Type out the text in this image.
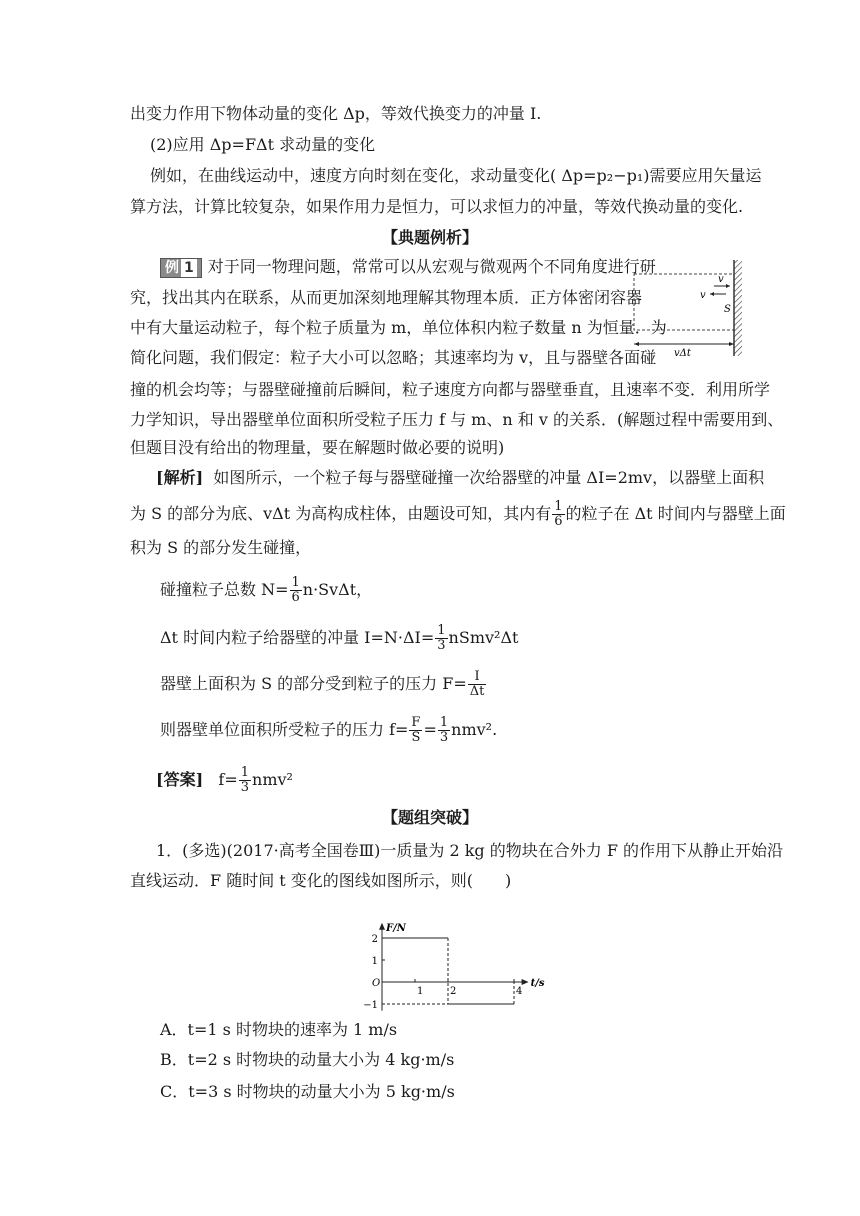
出变力作用下物体动量的变化 Δp，等效代换变力的冲量 I.
(2)应用 Δp=FΔt 求动量的变化
例如，在曲线运动中，速度方向时刻在变化，求动量变化( Δp=p₂−p₁)需要应用矢量运
算方法，计算比较复杂，如果作用力是恒力，可以求恒力的冲量，等效代换动量的变化.
【典题例析】
例 1 对于同一物理问题，常常可以从宏观与微观两个不同角度进行研
究，找出其内在联系，从而更加深刻地理解其物理本质．正方体密闭容器
中有大量运动粒子，每个粒子质量为 m，单位体积内粒子数量 n 为恒量．为
简化问题，我们假定：粒子大小可以忽略；其速率均为 v，且与器壁各面碰
撞的机会均等；与器壁碰撞前后瞬间，粒子速度方向都与器壁垂直，且速率不变．利用所学
力学知识，导出器壁单位面积所受粒子压力 f 与 m、n 和 v 的关系．(解题过程中需要用到、
但题目没有给出的物理量，要在解题时做必要的说明)
v
v
S
vΔt
[解析] 如图所示，一个粒子每与器壁碰撞一次给器壁的冲量 ΔI=2mv，以器壁上面积
为 S 的部分为底、vΔt 为高构成柱体，由题设可知，其内有 $\frac{1}{6}$ 的粒子在 Δt 时间内与器壁上面
积为 S 的部分发生碰撞，
碰撞粒子总数 $N= \frac{1}{6} n\cdot Sv\Delta t$，
Δt 时间内粒子给器壁的冲量 $I=N\cdot\Delta I= \frac{1}{3}$ nSmv²Δt
器壁上面积为 S 的部分受到粒子的压力 $F= \frac{I}{\Delta t}$
则器壁单位面积所受粒子的压力 $f= \frac{F}{S} = \frac{1}{3} nmv^2$.
[答案] $f= \frac{1}{3} nmv^2$
【题组突破】
1．(多选)(2017·高考全国卷Ⅲ)一质量为 2 kg 的物块在合外力 F 的作用下从静止开始沿
直线运动．F 随时间 t 变化的图线如图所示，则(　　)
F/N
t/s
O
1	2	4
2
1
−1
A．t=1 s 时物块的速率为 1 m/s
B．t=2 s 时物块的动量大小为 4 kg·m/s
C．t=3 s 时物块的动量大小为 5 kg·m/s
